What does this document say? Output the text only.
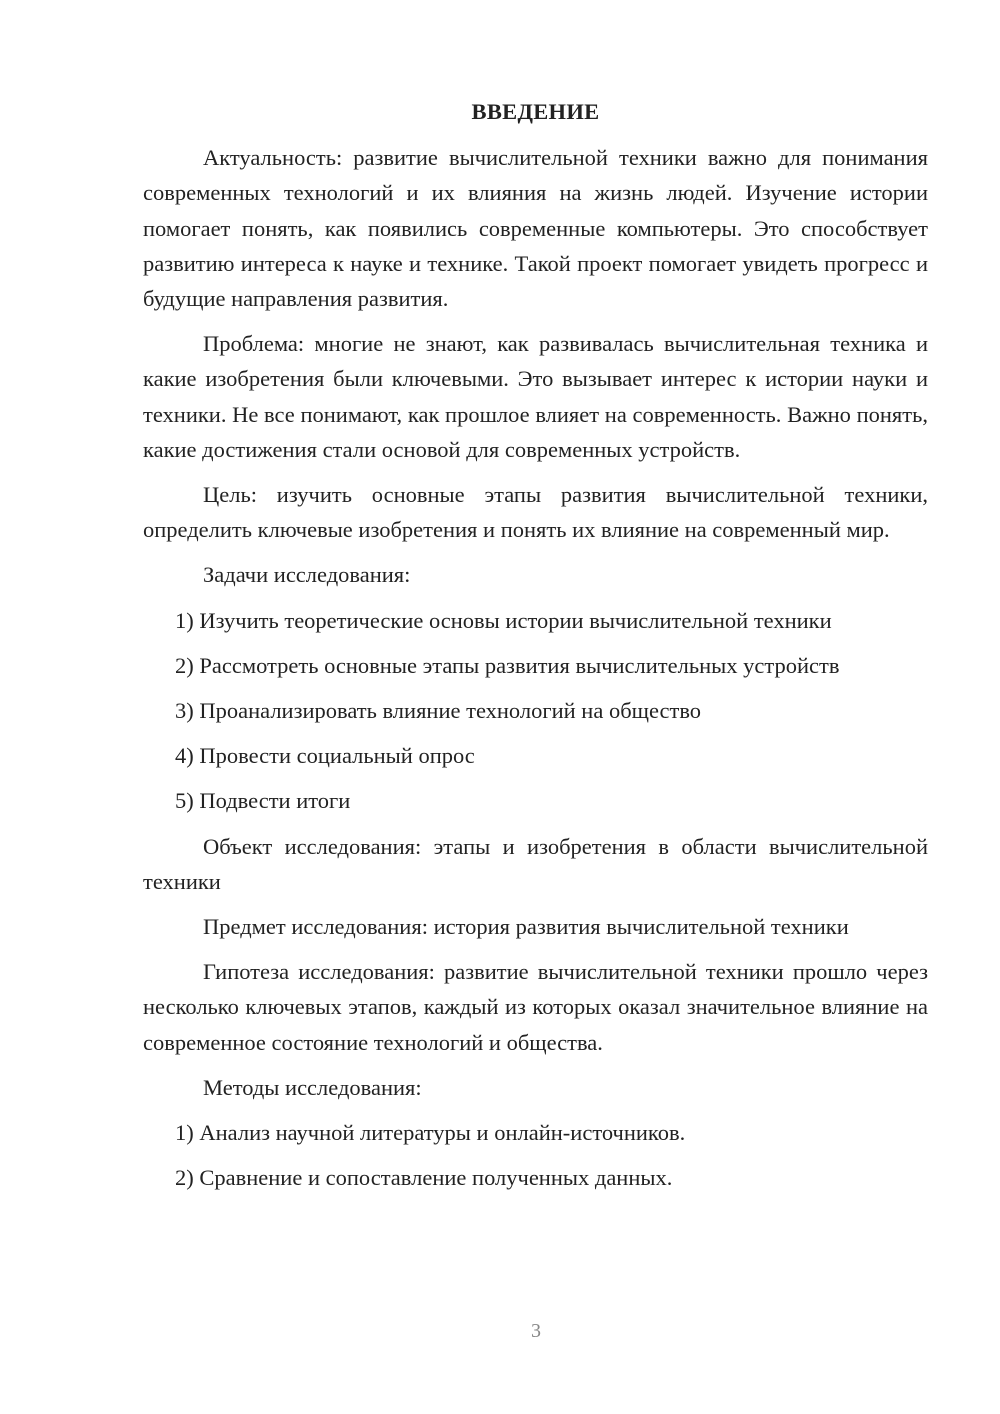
ВВЕДЕНИЕ

Актуальность: развитие вычислительной техники важно для понимания современных технологий и их влияния на жизнь людей. Изучение истории помогает понять, как появились современные компьютеры. Это способствует развитию интереса к науке и технике. Такой проект помогает увидеть прогресс и будущие направления развития.

Проблема: многие не знают, как развивалась вычислительная техника и какие изобретения были ключевыми. Это вызывает интерес к истории науки и техники. Не все понимают, как прошлое влияет на современность. Важно понять, какие достижения стали основой для современных устройств.

Цель: изучить основные этапы развития вычислительной техники, определить ключевые изобретения и понять их влияние на современный мир.

Задачи исследования:

1) Изучить теоретические основы истории вычислительной техники

2) Рассмотреть основные этапы развития вычислительных устройств

3) Проанализировать влияние технологий на общество

4) Провести социальный опрос

5) Подвести итоги

Объект исследования: этапы и изобретения в области вычислительной техники

Предмет исследования: история развития вычислительной техники

Гипотеза исследования: развитие вычислительной техники прошло через несколько ключевых этапов, каждый из которых оказал значительное влияние на современное состояние технологий и общества.

Методы исследования:

1) Анализ научной литературы и онлайн-источников.

2) Сравнение и сопоставление полученных данных.

3
